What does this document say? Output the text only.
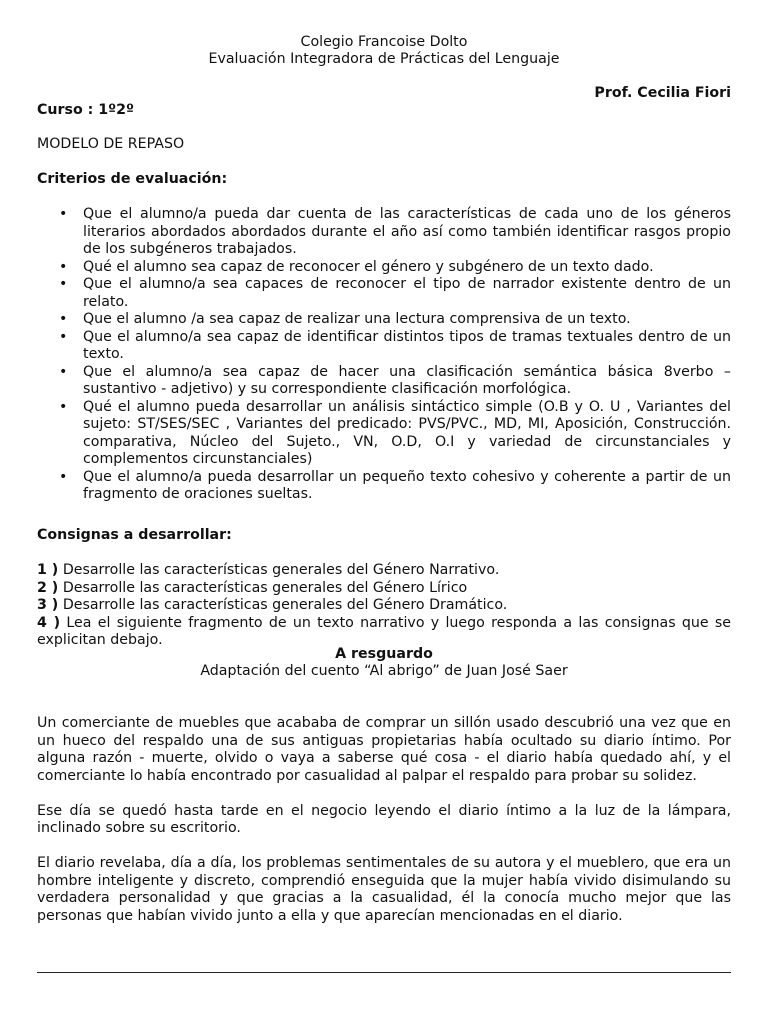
Colegio Francoise Dolto
Evaluación Integradora de Prácticas del Lenguaje
Prof. Cecilia Fiori
Curso : 1º2º
MODELO DE REPASO
Criterios de evaluación:
• Que el alumno/a pueda dar cuenta de las características de cada uno de los géneros literarios abordados abordados durante el año así como también identificar rasgos propio de los subgéneros trabajados.
• Qué el alumno sea capaz de reconocer el género y subgénero de un texto dado.
• Que el alumno/a sea capaces de reconocer el tipo de narrador existente dentro de un relato.
• Que el alumno /a sea capaz de realizar una lectura comprensiva de un texto.
• Que el alumno/a sea capaz de identificar distintos tipos de tramas textuales dentro de un texto.
• Que el alumno/a sea capaz de hacer una clasificación semántica básica 8verbo – sustantivo - adjetivo) y su correspondiente clasificación morfológica.
• Qué el alumno pueda desarrollar un análisis sintáctico simple (O.B y O. U , Variantes del sujeto: ST/SES/SEC , Variantes del predicado: PVS/PVC., MD, MI, Aposición, Construcción. comparativa, Núcleo del Sujeto., VN, O.D, O.I y variedad de circunstanciales y complementos circunstanciales)
• Que el alumno/a pueda desarrollar un pequeño texto cohesivo y coherente a partir de un fragmento de oraciones sueltas.
Consignas a desarrollar:
1 ) Desarrolle las características generales del Género Narrativo.
2 ) Desarrolle las características generales del Género Lírico
3 ) Desarrolle las características generales del Género Dramático.
4 ) Lea el siguiente fragmento de un texto narrativo y luego responda a las consignas que se explicitan debajo.
A resguardo
Adaptación del cuento “Al abrigo” de Juan José Saer

Un comerciante de muebles que acababa de comprar un sillón usado descubrió una vez que en un hueco del respaldo una de sus antiguas propietarias había ocultado su diario íntimo. Por alguna razón - muerte, olvido o vaya a saberse qué cosa - el diario había quedado ahí, y el comerciante lo había encontrado por casualidad al palpar el respaldo para probar su solidez.

Ese día se quedó hasta tarde en el negocio leyendo el diario íntimo a la luz de la lámpara, inclinado sobre su escritorio.

El diario revelaba, día a día, los problemas sentimentales de su autora y el mueblero, que era un hombre inteligente y discreto, comprendió enseguida que la mujer había vivido disimulando su verdadera personalidad y que gracias a la casualidad, él la conocía mucho mejor que las personas que habían vivido junto a ella y que aparecían mencionadas en el diario.
